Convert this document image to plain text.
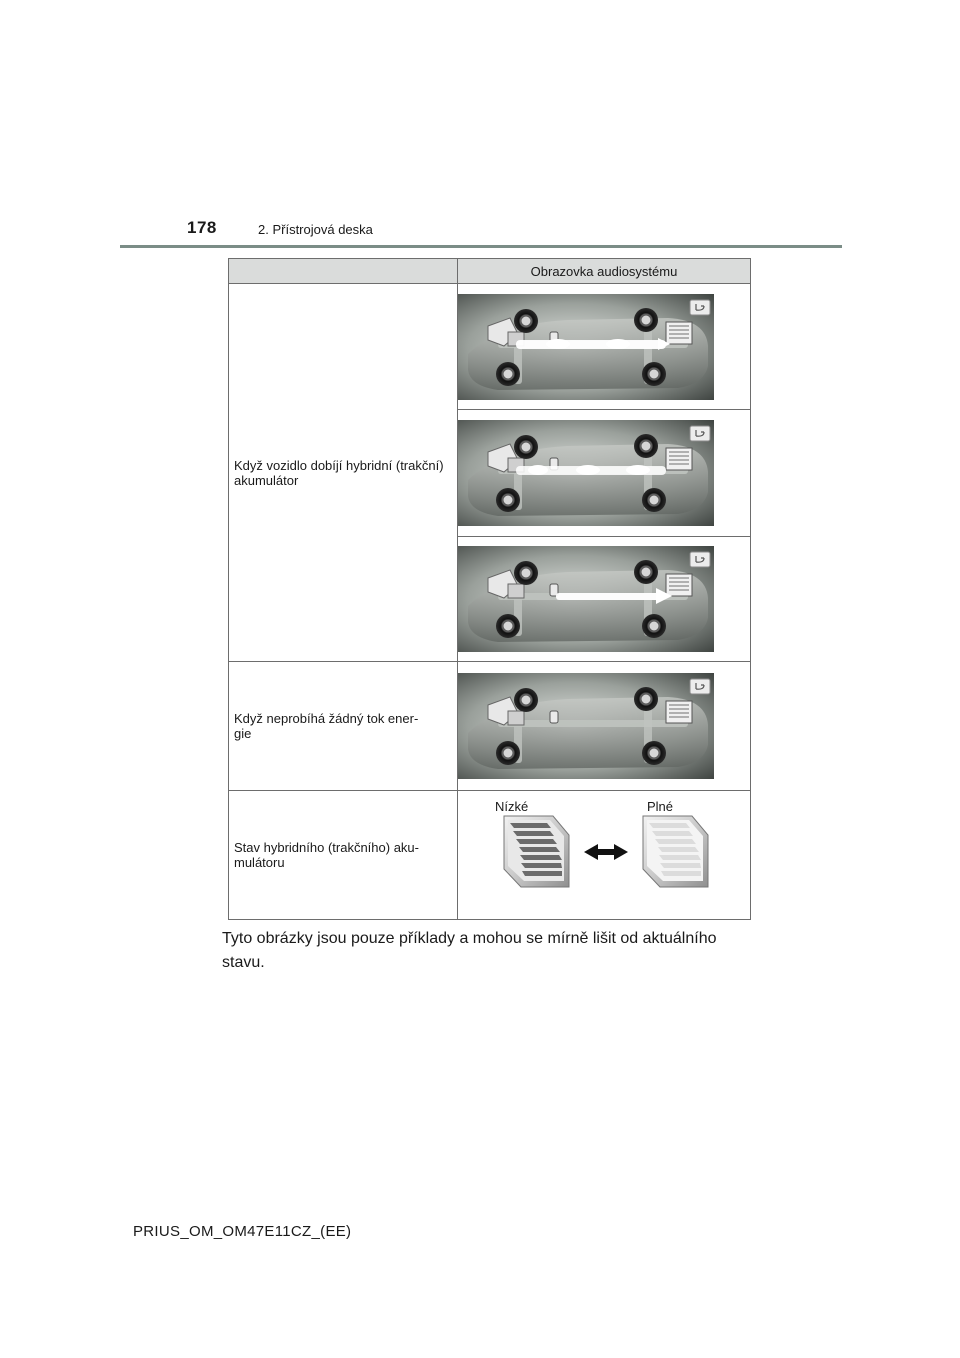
178	2. Přístrojová deska
	Obrazovka audiosystému
Když vozidlo dobíjí hybridní (trakční) akumulátor	

Když neprobíhá žádný tok ener-
gie	

Stav hybridního (trakčního) aku-
mulátoru	Nízké Plné
Tyto obrázky jsou pouze příklady a mohou se mírně lišit od aktuálního stavu.
PRIUS_OM_OM47E11CZ_(EE)
